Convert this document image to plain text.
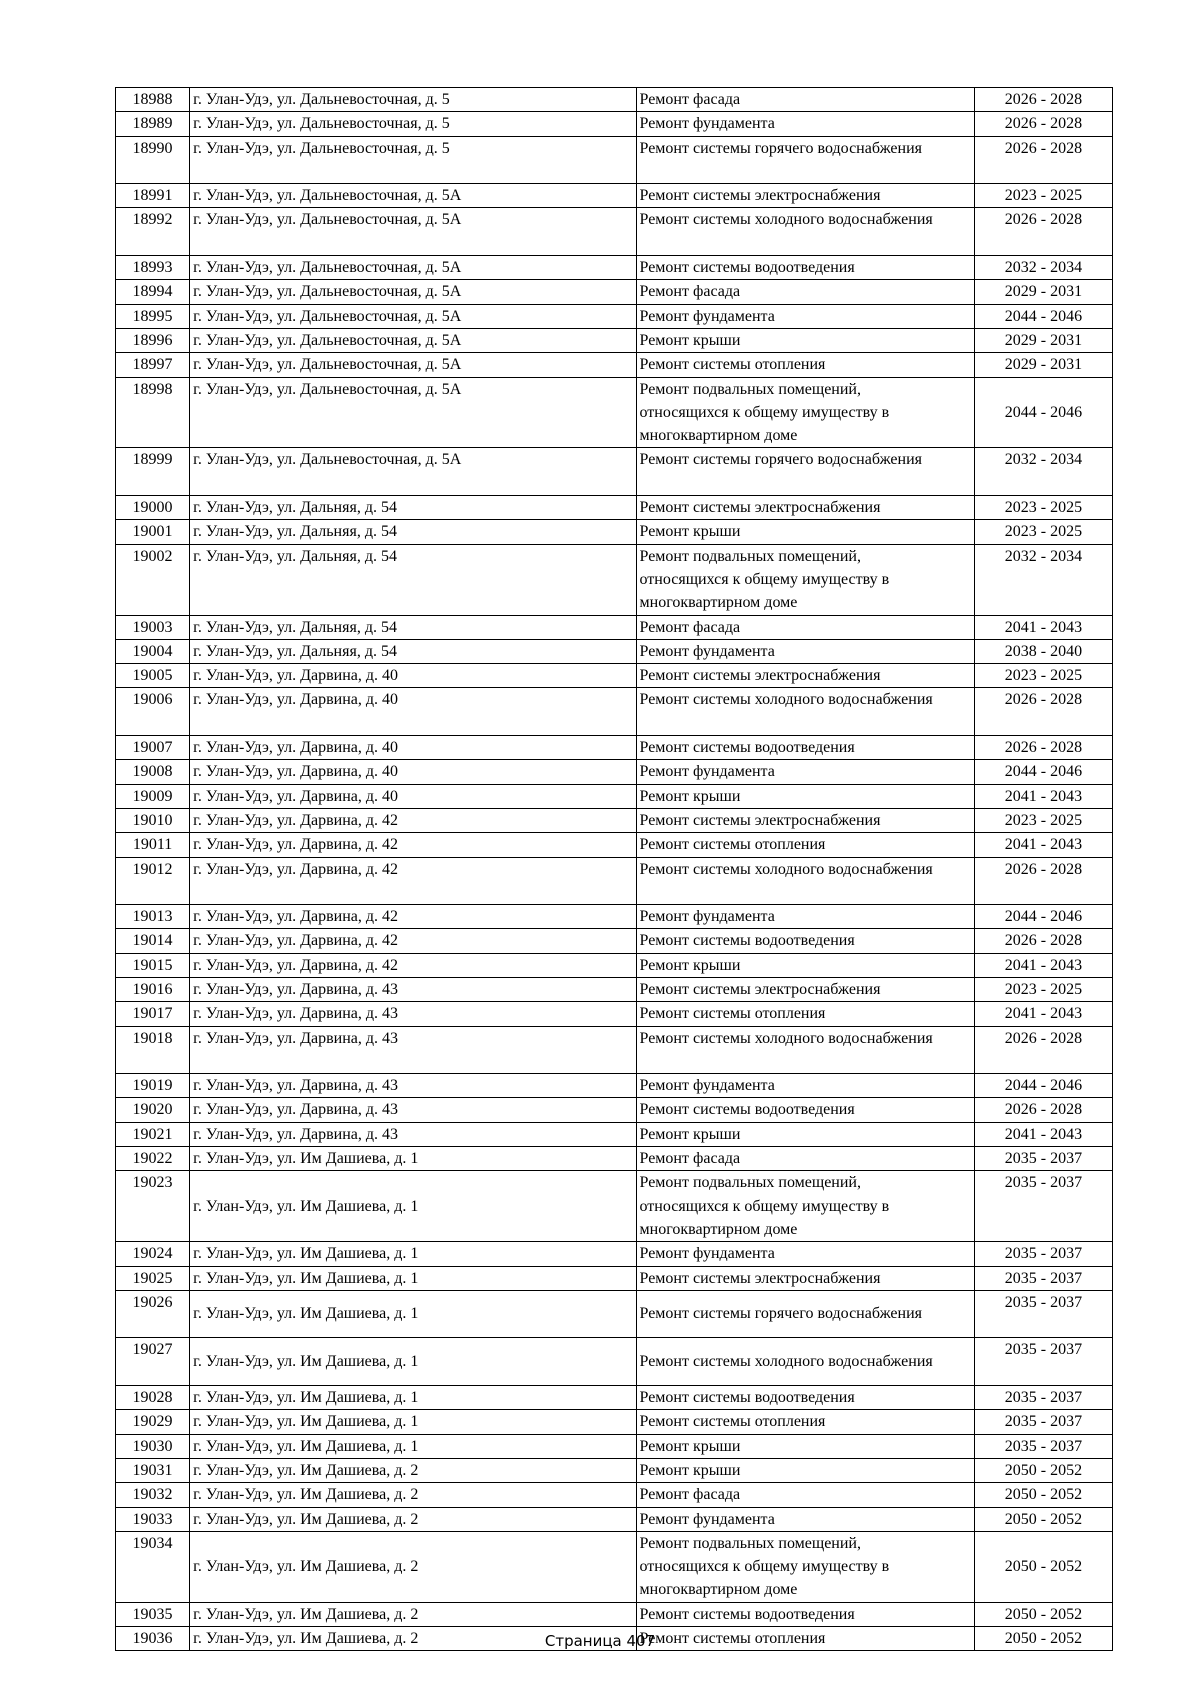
18988	г. Улан-Удэ, ул. Дальневосточная, д. 5	Ремонт фасада	2026 - 2028
18989	г. Улан-Удэ, ул. Дальневосточная, д. 5	Ремонт фундамента	2026 - 2028
18990	г. Улан-Удэ, ул. Дальневосточная, д. 5	Ремонт системы горячего водоснабжения	2026 - 2028
18991	г. Улан-Удэ, ул. Дальневосточная, д. 5А	Ремонт системы электроснабжения	2023 - 2025
18992	г. Улан-Удэ, ул. Дальневосточная, д. 5А	Ремонт системы холодного водоснабжения	2026 - 2028
18993	г. Улан-Удэ, ул. Дальневосточная, д. 5А	Ремонт системы водоотведения	2032 - 2034
18994	г. Улан-Удэ, ул. Дальневосточная, д. 5А	Ремонт фасада	2029 - 2031
18995	г. Улан-Удэ, ул. Дальневосточная, д. 5А	Ремонт фундамента	2044 - 2046
18996	г. Улан-Удэ, ул. Дальневосточная, д. 5А	Ремонт крыши	2029 - 2031
18997	г. Улан-Удэ, ул. Дальневосточная, д. 5А	Ремонт системы отопления	2029 - 2031
18998	г. Улан-Удэ, ул. Дальневосточная, д. 5А	Ремонт подвальных помещений,
относящихся к общему имуществу в
многоквартирном доме	2044 - 2046
18999	г. Улан-Удэ, ул. Дальневосточная, д. 5А	Ремонт системы горячего водоснабжения	2032 - 2034
19000	г. Улан-Удэ, ул. Дальняя, д. 54	Ремонт системы электроснабжения	2023 - 2025
19001	г. Улан-Удэ, ул. Дальняя, д. 54	Ремонт крыши	2023 - 2025
19002	г. Улан-Удэ, ул. Дальняя, д. 54	Ремонт подвальных помещений,
относящихся к общему имуществу в
многоквартирном доме	2032 - 2034
19003	г. Улан-Удэ, ул. Дальняя, д. 54	Ремонт фасада	2041 - 2043
19004	г. Улан-Удэ, ул. Дальняя, д. 54	Ремонт фундамента	2038 - 2040
19005	г. Улан-Удэ, ул. Дарвина, д. 40	Ремонт системы электроснабжения	2023 - 2025
19006	г. Улан-Удэ, ул. Дарвина, д. 40	Ремонт системы холодного водоснабжения	2026 - 2028
19007	г. Улан-Удэ, ул. Дарвина, д. 40	Ремонт системы водоотведения	2026 - 2028
19008	г. Улан-Удэ, ул. Дарвина, д. 40	Ремонт фундамента	2044 - 2046
19009	г. Улан-Удэ, ул. Дарвина, д. 40	Ремонт крыши	2041 - 2043
19010	г. Улан-Удэ, ул. Дарвина, д. 42	Ремонт системы электроснабжения	2023 - 2025
19011	г. Улан-Удэ, ул. Дарвина, д. 42	Ремонт системы отопления	2041 - 2043
19012	г. Улан-Удэ, ул. Дарвина, д. 42	Ремонт системы холодного водоснабжения	2026 - 2028
19013	г. Улан-Удэ, ул. Дарвина, д. 42	Ремонт фундамента	2044 - 2046
19014	г. Улан-Удэ, ул. Дарвина, д. 42	Ремонт системы водоотведения	2026 - 2028
19015	г. Улан-Удэ, ул. Дарвина, д. 42	Ремонт крыши	2041 - 2043
19016	г. Улан-Удэ, ул. Дарвина, д. 43	Ремонт системы электроснабжения	2023 - 2025
19017	г. Улан-Удэ, ул. Дарвина, д. 43	Ремонт системы отопления	2041 - 2043
19018	г. Улан-Удэ, ул. Дарвина, д. 43	Ремонт системы холодного водоснабжения	2026 - 2028
19019	г. Улан-Удэ, ул. Дарвина, д. 43	Ремонт фундамента	2044 - 2046
19020	г. Улан-Удэ, ул. Дарвина, д. 43	Ремонт системы водоотведения	2026 - 2028
19021	г. Улан-Удэ, ул. Дарвина, д. 43	Ремонт крыши	2041 - 2043
19022	г. Улан-Удэ, ул. Им Дашиева, д. 1	Ремонт фасада	2035 - 2037
19023	г. Улан-Удэ, ул. Им Дашиева, д. 1	Ремонт подвальных помещений,
относящихся к общему имуществу в
многоквартирном доме	2035 - 2037
19024	г. Улан-Удэ, ул. Им Дашиева, д. 1	Ремонт фундамента	2035 - 2037
19025	г. Улан-Удэ, ул. Им Дашиева, д. 1	Ремонт системы электроснабжения	2035 - 2037
19026	г. Улан-Удэ, ул. Им Дашиева, д. 1	Ремонт системы горячего водоснабжения	2035 - 2037
19027	г. Улан-Удэ, ул. Им Дашиева, д. 1	Ремонт системы холодного водоснабжения	2035 - 2037
19028	г. Улан-Удэ, ул. Им Дашиева, д. 1	Ремонт системы водоотведения	2035 - 2037
19029	г. Улан-Удэ, ул. Им Дашиева, д. 1	Ремонт системы отопления	2035 - 2037
19030	г. Улан-Удэ, ул. Им Дашиева, д. 1	Ремонт крыши	2035 - 2037
19031	г. Улан-Удэ, ул. Им Дашиева, д. 2	Ремонт крыши	2050 - 2052
19032	г. Улан-Удэ, ул. Им Дашиева, д. 2	Ремонт фасада	2050 - 2052
19033	г. Улан-Удэ, ул. Им Дашиева, д. 2	Ремонт фундамента	2050 - 2052
19034	г. Улан-Удэ, ул. Им Дашиева, д. 2	Ремонт подвальных помещений,
относящихся к общему имуществу в
многоквартирном доме	2050 - 2052
19035	г. Улан-Удэ, ул. Им Дашиева, д. 2	Ремонт системы водоотведения	2050 - 2052
19036	г. Улан-Удэ, ул. Им Дашиева, д. 2	Ремонт системы отопления	2050 - 2052
Страница 407
